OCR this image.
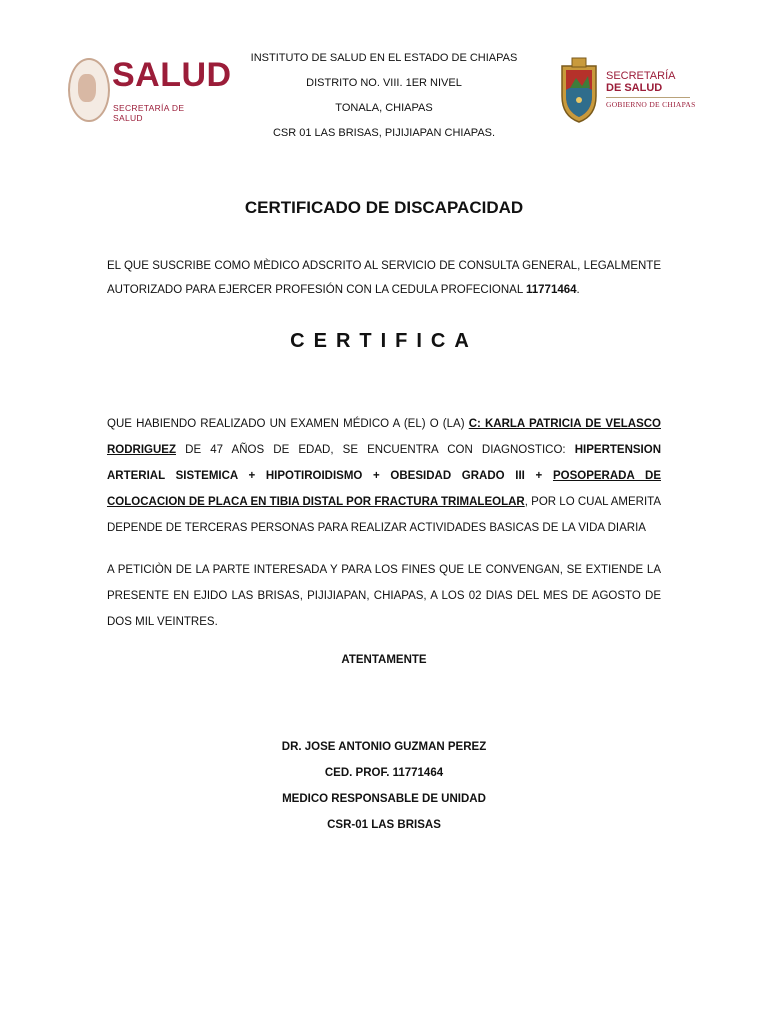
SALUD
SECRETARÍA DE SALUD
INSTITUTO DE SALUD EN EL ESTADO DE CHIAPAS
DISTRITO NO. VIII. 1ER NIVEL
TONALA, CHIAPAS
CSR 01 LAS BRISAS, PIJIJIAPAN CHIAPAS.
SECRETARÍA
DE SALUD
GOBIERNO DE CHIAPAS
CERTIFICADO DE DISCAPACIDAD
EL QUE SUSCRIBE COMO MÈDICO ADSCRITO AL SERVICIO DE CONSULTA GENERAL, LEGALMENTE AUTORIZADO PARA EJERCER PROFESIÓN CON LA CEDULA PROFECIONAL 11771464.
CERTIFICA
QUE HABIENDO REALIZADO UN EXAMEN MÉDICO A (EL) O (LA) C: KARLA PATRICIA DE VELASCO RODRIGUEZ DE 47 AÑOS DE EDAD, SE ENCUENTRA CON DIAGNOSTICO: HIPERTENSION ARTERIAL SISTEMICA + HIPOTIROIDISMO + OBESIDAD GRADO III + POSOPERADA DE COLOCACION DE PLACA EN TIBIA DISTAL POR FRACTURA TRIMALEOLAR, POR LO CUAL AMERITA DEPENDE DE TERCERAS PERSONAS PARA REALIZAR ACTIVIDADES BASICAS DE LA VIDA DIARIA
A PETICIÒN DE LA PARTE INTERESADA Y PARA LOS FINES QUE LE CONVENGAN, SE EXTIENDE LA PRESENTE EN EJIDO LAS BRISAS, PIJIJIAPAN, CHIAPAS, A LOS 02 DIAS DEL MES DE AGOSTO DE DOS MIL VEINTRES.
ATENTAMENTE
DR. JOSE ANTONIO GUZMAN PEREZ
CED. PROF. 11771464
MEDICO RESPONSABLE DE UNIDAD
CSR-01 LAS BRISAS
